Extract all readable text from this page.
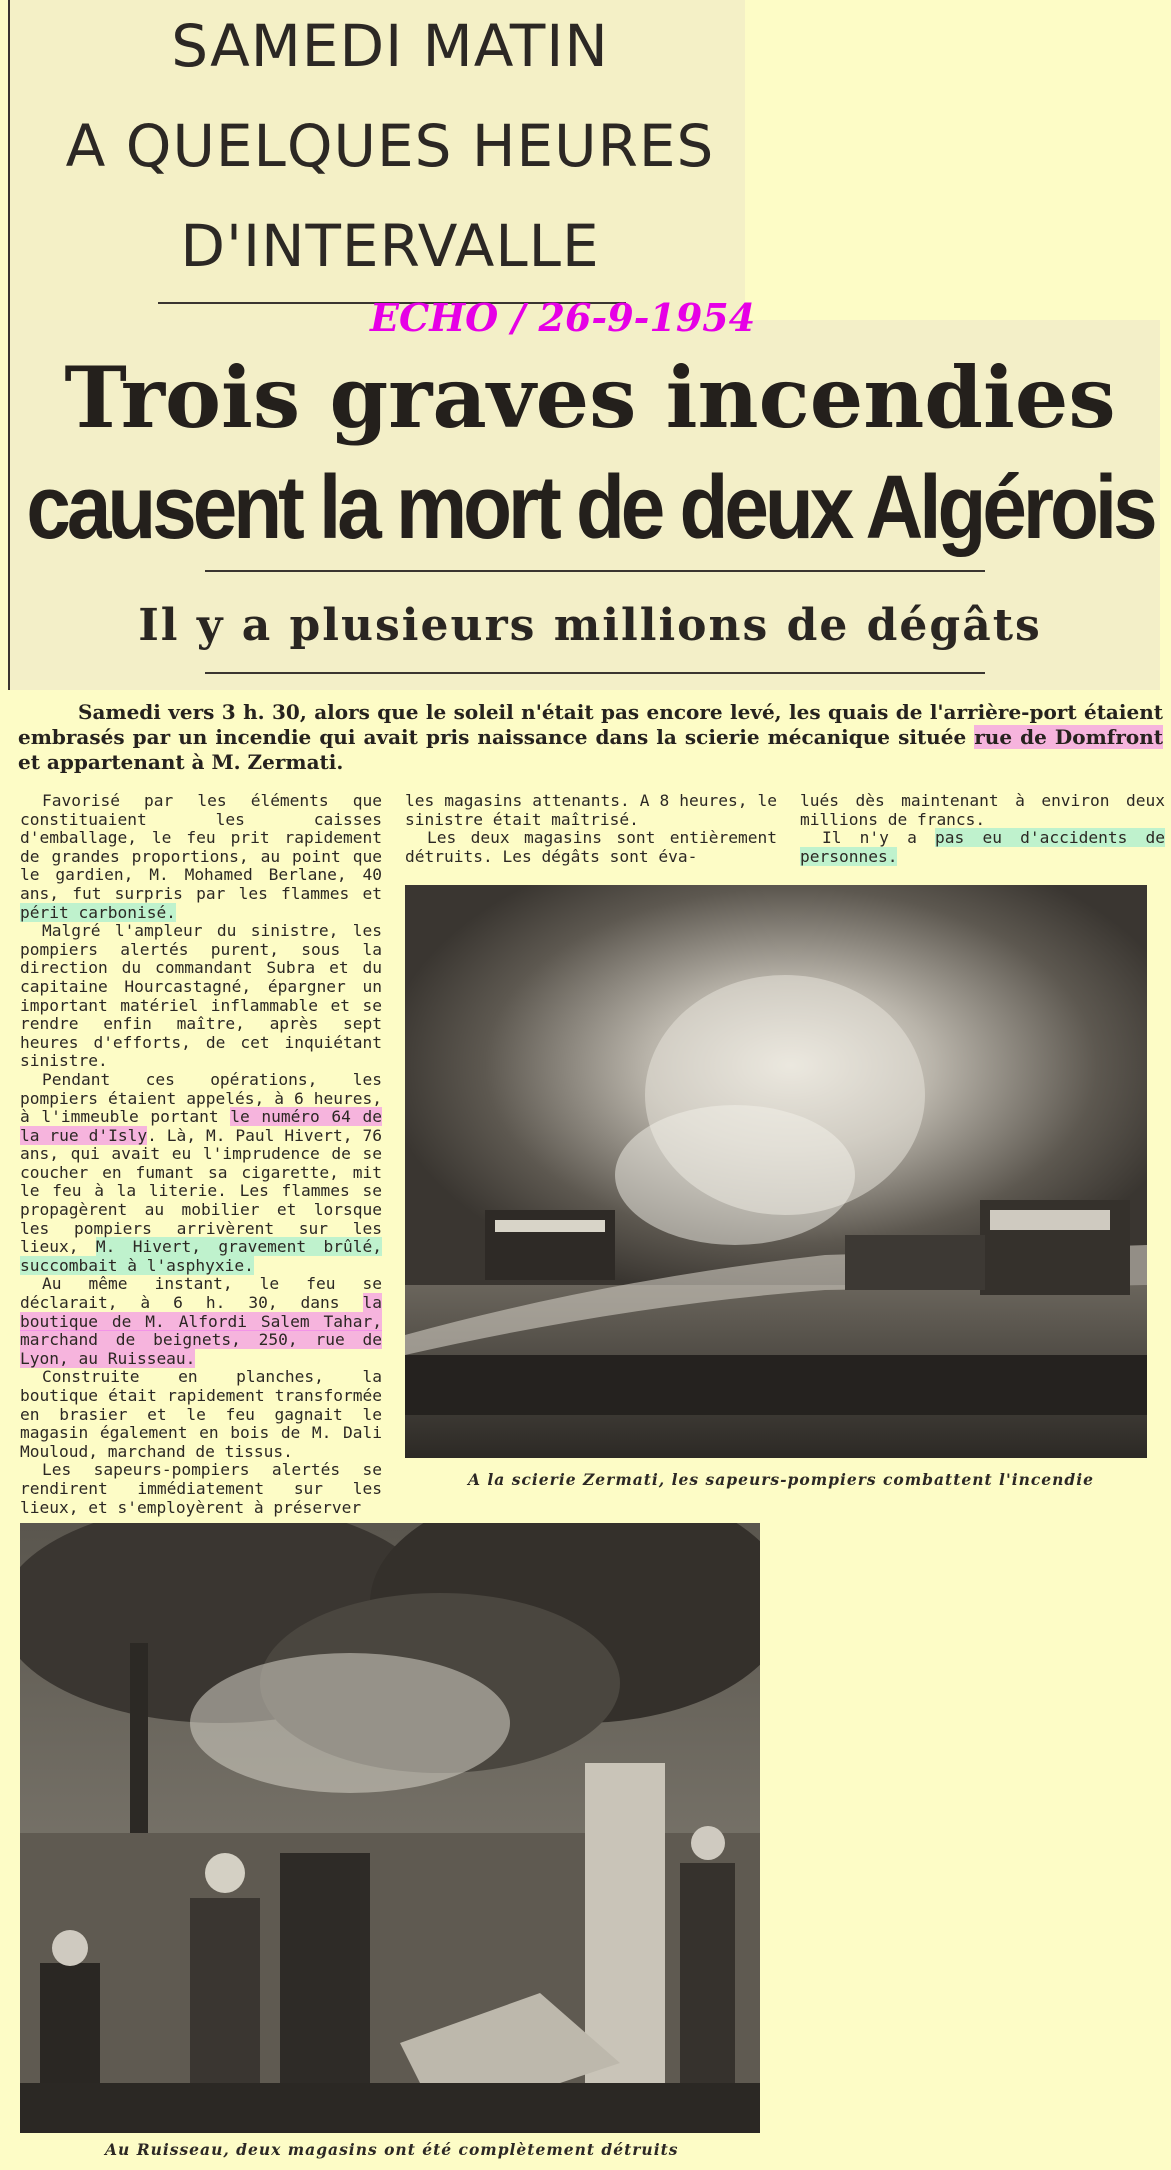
SAMEDI MATIN
A QUELQUES HEURES
D'INTERVALLE
ECHO / 26-9-1954
Trois graves incendies
causent la mort de deux Algérois
Il y a plusieurs millions de dégâts
Samedi vers 3 h. 30, alors que le soleil n'était pas encore levé, les quais de l'arrière-port étaient embrasés par un incendie qui avait pris naissance dans la scierie mécanique située rue de Domfront et appartenant à M. Zermati.

Favorisé par les éléments que constituaient les caisses d'emballage, le feu prit rapidement de grandes proportions, au point que le gardien, M. Mohamed Berlane, 40 ans, fut surpris par les flammes et périt carbonisé.

Malgré l'ampleur du sinistre, les pompiers alertés purent, sous la direction du commandant Subra et du capitaine Hourcastagné, épargner un important matériel inflammable et se rendre enfin maître, après sept heures d'efforts, de cet inquiétant sinistre.

Pendant ces opérations, les pompiers étaient appelés, à 6 heures, à l'immeuble portant le numéro 64 de la rue d'Isly. Là, M. Paul Hivert, 76 ans, qui avait eu l'imprudence de se coucher en fumant sa cigarette, mit le feu à la literie. Les flammes se propagèrent au mobilier et lorsque les pompiers arrivèrent sur les lieux, M. Hivert, gravement brûlé, succombait à l'asphyxie.

Au même instant, le feu se déclarait, à 6 h. 30, dans la boutique de M. Alfordi Salem Tahar, marchand de beignets, 250, rue de Lyon, au Ruisseau.

Construite en planches, la boutique était rapidement transformée en brasier et le feu gagnait le magasin également en bois de M. Dali Mouloud, marchand de tissus.

Les sapeurs-pompiers alertés se rendirent immédiatement sur les lieux, et s'employèrent à préserver

les magasins attenants. A 8 heures, le sinistre était maîtrisé.

Les deux magasins sont entièrement détruits. Les dégâts sont éva-

lués dès maintenant à environ deux millions de francs.

Il n'y a pas eu d'accidents de personnes.

A la scierie Zermati, les sapeurs-pompiers combattent l'incendie
Au Ruisseau, deux magasins ont été complètement détruits
